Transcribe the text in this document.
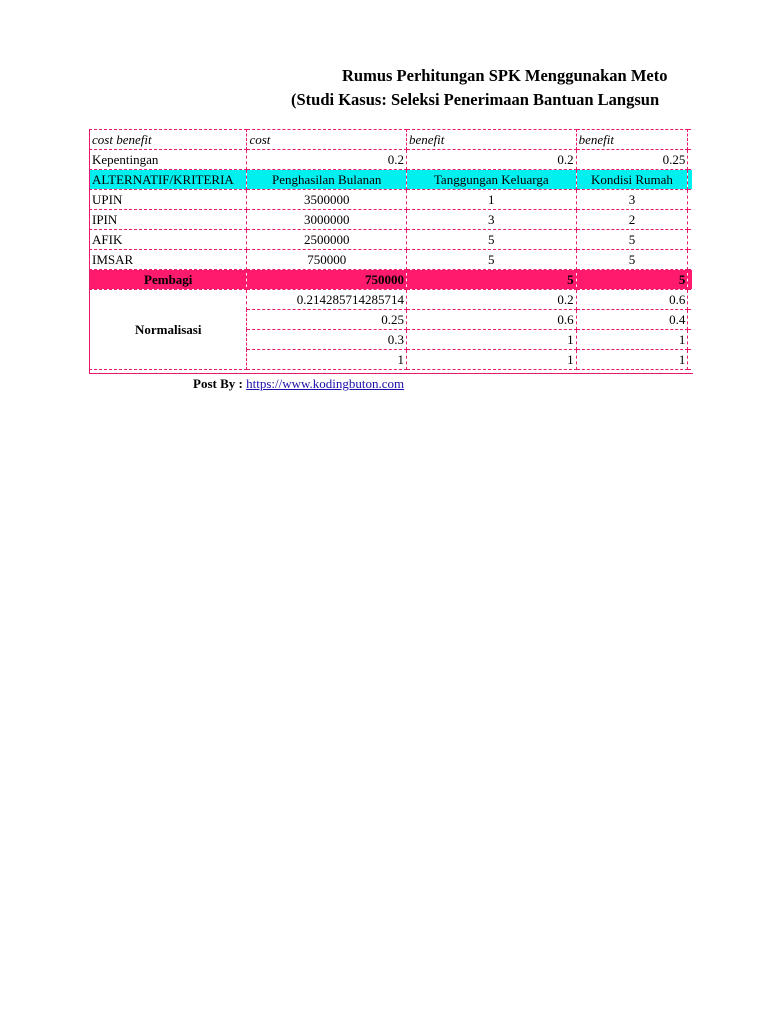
Rumus Perhitungan SPK Menggunakan Meto
(Studi Kasus: Seleksi Penerimaan Bantuan Langsun
cost benefit	cost	benefit	benefit	
Kepentingan	0.2	0.2	0.25	
ALTERNATIF/KRITERIA	Penghasilan Bulanan	Tanggungan Keluarga	Kondisi Rumah	
UPIN	3500000	1	3	
IPIN	3000000	3	2	
AFIK	2500000	5	5	
IMSAR	750000	5	5	
Pembagi	750000	5	5	
Normalisasi	0.214285714285714	0.2	0.6	
	0.25	0.6	0.4	
	0.3	1	1	
	1	1	1	
Post By : https://www.kodingbuton.com
